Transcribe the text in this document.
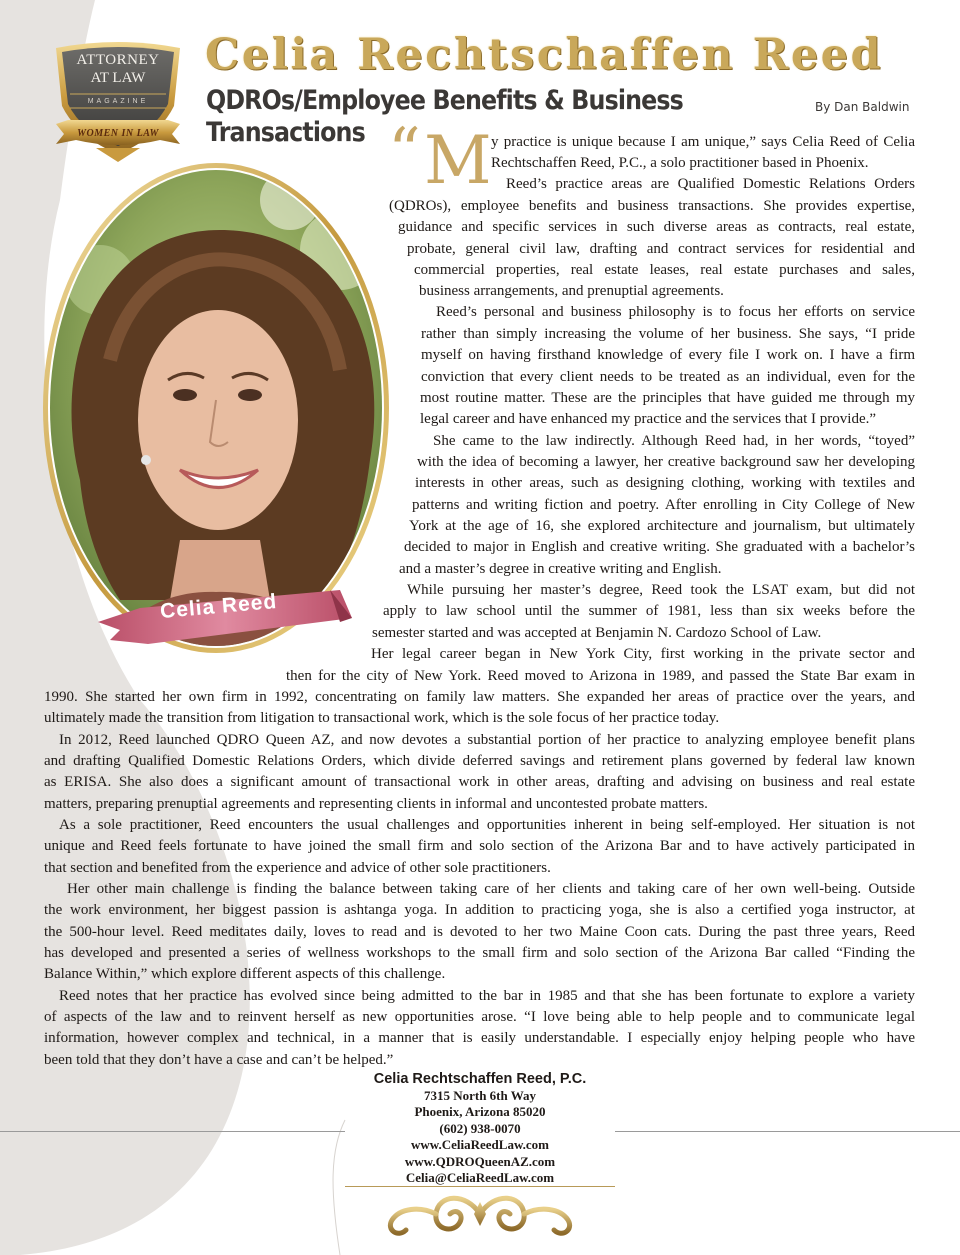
ATTORNEY
AT LAW
MAGAZINE
WOMEN IN LAW
Celia Rechtschaffen Reed
QDROs/Employee Benefits & Business Transactions
By Dan Baldwin
Celia Reed
“ M y practice is unique because I am unique,” says Celia Reed of Celia
Rechtschaffen Reed, P.C., a solo practitioner based in Phoenix.
Reed’s practice areas are Qualified Domestic Relations Orders
(QDROs), employee benefits and business transactions. She provides expertise,
guidance and specific services in such diverse areas as contracts, real estate,
probate, general civil law, drafting and contract services for residential and
commercial properties, real estate leases, real estate purchases and sales,
business arrangements, and prenuptial agreements.
Reed’s personal and business philosophy is to focus her efforts on service
rather than simply increasing the volume of her business. She says, “I pride
myself on having firsthand knowledge of every file I work on. I have a firm
conviction that every client needs to be treated as an individual, even for the
most routine matter. These are the principles that have guided me through my
legal career and have enhanced my practice and the services that I provide.”
She came to the law indirectly. Although Reed had, in her words, “toyed”
with the idea of becoming a lawyer, her creative background saw her developing
interests in other areas, such as designing clothing, working with textiles and
patterns and writing fiction and poetry. After enrolling in City College of New
York at the age of 16, she explored architecture and journalism, but ultimately
decided to major in English and creative writing. She graduated with a bachelor’s
and a master’s degree in creative writing and English.
While pursuing her master’s degree, Reed took the LSAT exam, but did not
apply to law school until the summer of 1981, less than six weeks before the
semester started and was accepted at Benjamin N. Cardozo School of Law.
Her legal career began in New York City, first working in the private sector and
then for the city of New York. Reed moved to Arizona in 1989, and passed the State Bar exam in
1990. She started her own firm in 1992, concentrating on family law matters. She expanded her areas of practice over the years, and
ultimately made the transition from litigation to transactional work, which is the sole focus of her practice today.
In 2012, Reed launched QDRO Queen AZ, and now devotes a substantial portion of her practice to analyzing employee benefit plans
and drafting Qualified Domestic Relations Orders, which divide deferred savings and retirement plans governed by federal law known
as ERISA. She also does a significant amount of transactional work in other areas, drafting and advising on business and real estate
matters, preparing prenuptial agreements and representing clients in informal and uncontested probate matters.
As a sole practitioner, Reed encounters the usual challenges and opportunities inherent in being self-employed. Her situation is not
unique and Reed feels fortunate to have joined the small firm and solo section of the Arizona Bar and to have actively participated in
that section and benefited from the experience and advice of other sole practitioners.
Her other main challenge is finding the balance between taking care of her clients and taking care of her own well-being. Outside
the work environment, her biggest passion is ashtanga yoga. In addition to practicing yoga, she is also a certified yoga instructor, at
the 500-hour level. Reed meditates daily, loves to read and is devoted to her two Maine Coon cats. During the past three years, Reed
has developed and presented a series of wellness workshops to the small firm and solo section of the Arizona Bar called “Finding the
Balance Within,” which explore different aspects of this challenge.
Reed notes that her practice has evolved since being admitted to the bar in 1985 and that she has been fortunate to explore a variety
of aspects of the law and to reinvent herself as new opportunities arose. “I love being able to help people and to communicate legal
information, however complex and technical, in a manner that is easily understandable. I especially enjoy helping people who have
been told that they don’t have a case and can’t be helped.”
Celia Rechtschaffen Reed, P.C.
7315 North 6th Way
Phoenix, Arizona 85020
(602) 938-0070
www.CeliaReedLaw.com
www.QDROQueenAZ.com
Celia@CeliaReedLaw.com
